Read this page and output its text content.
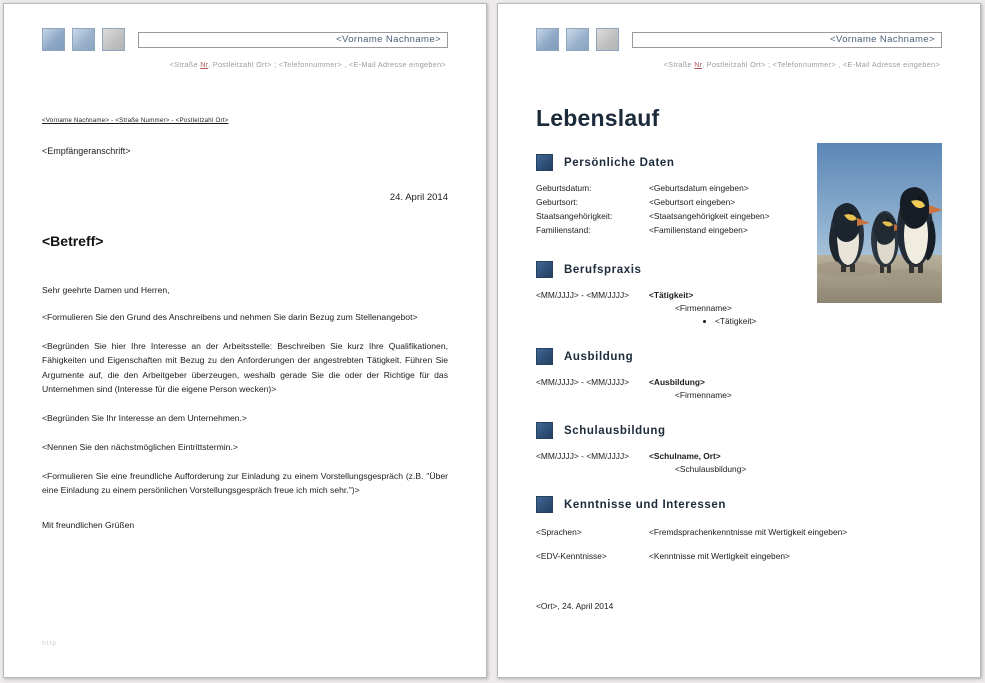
<Vorname Nachname>
<Straße Nr, Postleitzahl Ort> ; <Telefonnummer> , <E-Mail Adresse eingeben>
<Vorname Nachname> - <Straße Nummer> - <Postleitzahl Ort>
<Empfängeranschrift>
24. April 2014
<Betreff>
Sehr geehrte Damen und Herren,
<Formulieren Sie den Grund des Anschreibens und nehmen Sie darin Bezug zum Stellenangebot>
<Begründen Sie hier Ihre Interesse an der Arbeitsstelle: Beschreiben Sie kurz Ihre Qualifikationen, Fähigkeiten und Eigenschaften mit Bezug zu den Anforderungen der angestrebten Tätigkeit. Führen Sie Argumente auf, die den Arbeitgeber überzeugen, weshalb gerade Sie die oder der Richtige für das Unternehmen sind (Interesse für die eigene Person wecken)>
<Begründen Sie Ihr Interesse an dem Unternehmen.>
<Nennen Sie den nächstmöglichen Eintrittstermin.>
<Formulieren Sie eine freundliche Aufforderung zur Einladung zu einem Vorstellungsgespräch (z.B. "Über eine Einladung zu einem persönlichen Vorstellungsgespräch freue ich mich sehr.")>
Mit freundlichen Grüßen
http
<Vorname Nachname>
<Straße Nr, Postleitzahl Ort> ; <Telefonnummer> , <E-Mail Adresse eingeben>
Lebenslauf
Persönliche Daten
Geburtsdatum:	<Geburtsdatum eingeben>
Geburtsort:	<Geburtsort eingeben>
Staatsangehörigkeit:	<Staatsangehörigkeit eingeben>
Familienstand:	<Familienstand eingeben>
Berufspraxis
<MM/JJJJ> - <MM/JJJJ>	<Tätigkeit>
<Firmenname>
• <Tätigkeit>
Ausbildung
<MM/JJJJ> - <MM/JJJJ>	<Ausbildung>
<Firmenname>
Schulausbildung
<MM/JJJJ> - <MM/JJJJ>	<Schulname, Ort>
<Schulausbildung>
Kenntnisse und Interessen
<Sprachen>	<Fremdsprachenkenntnisse mit Wertigkeit eingeben>
<EDV-Kenntnisse>	<Kenntnisse mit Wertigkeit eingeben>
<Ort>, 24. April 2014
